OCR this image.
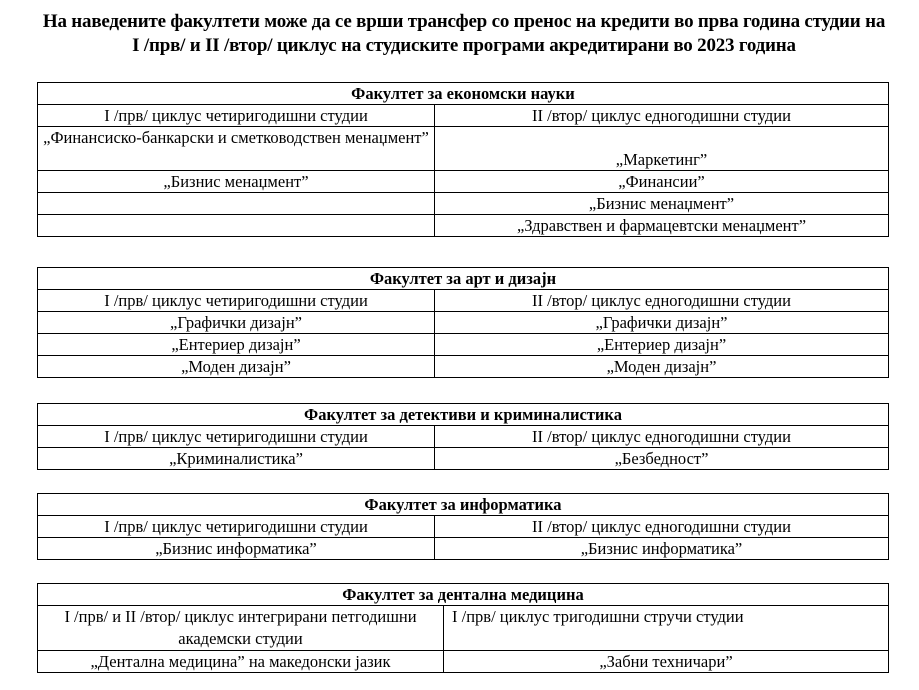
На наведените факултети може да се врши трансфер со пренос на кредити во прва година студии на I /прв/ и II /втор/ циклус на студиските програми акредитирани во 2023 година
Факултет за економски науки	
I /прв/ циклус четиригодишни студии	II /втор/ циклус едногодишни студии
„Финансиско-банкарски и сметководствен менаџмент”	„Маркетинг”
„Бизнис менаџмент”	„Финансии”
	„Бизнис менаџмент”
	„Здравствен и фармацевтски менаџмент”
Факултет за арт и дизајн	
I /прв/ циклус четиригодишни студии	II /втор/ циклус едногодишни студии
„Графички дизајн”	„Графички дизајн”
„Ентериер дизајн”	„Ентериер дизајн”
„Моден дизајн”	„Моден дизајн”
Факултет за детективи и криминалистика	
I /прв/ циклус четиригодишни студии	II /втор/ циклус едногодишни студии
„Криминалистика”	„Безбедност”
Факултет за информатика	
I /прв/ циклус четиригодишни студии	II /втор/ циклус едногодишни студии
„Бизнис информатика”	„Бизнис информатика”
Факултет за дентална медицина	
I /прв/ и II /втор/ циклус интегрирани петгодишни академски студии	I /прв/ циклус тригодишни стручи студии
„Дентална медицина” на македонски јазик	„Забни техничари”
